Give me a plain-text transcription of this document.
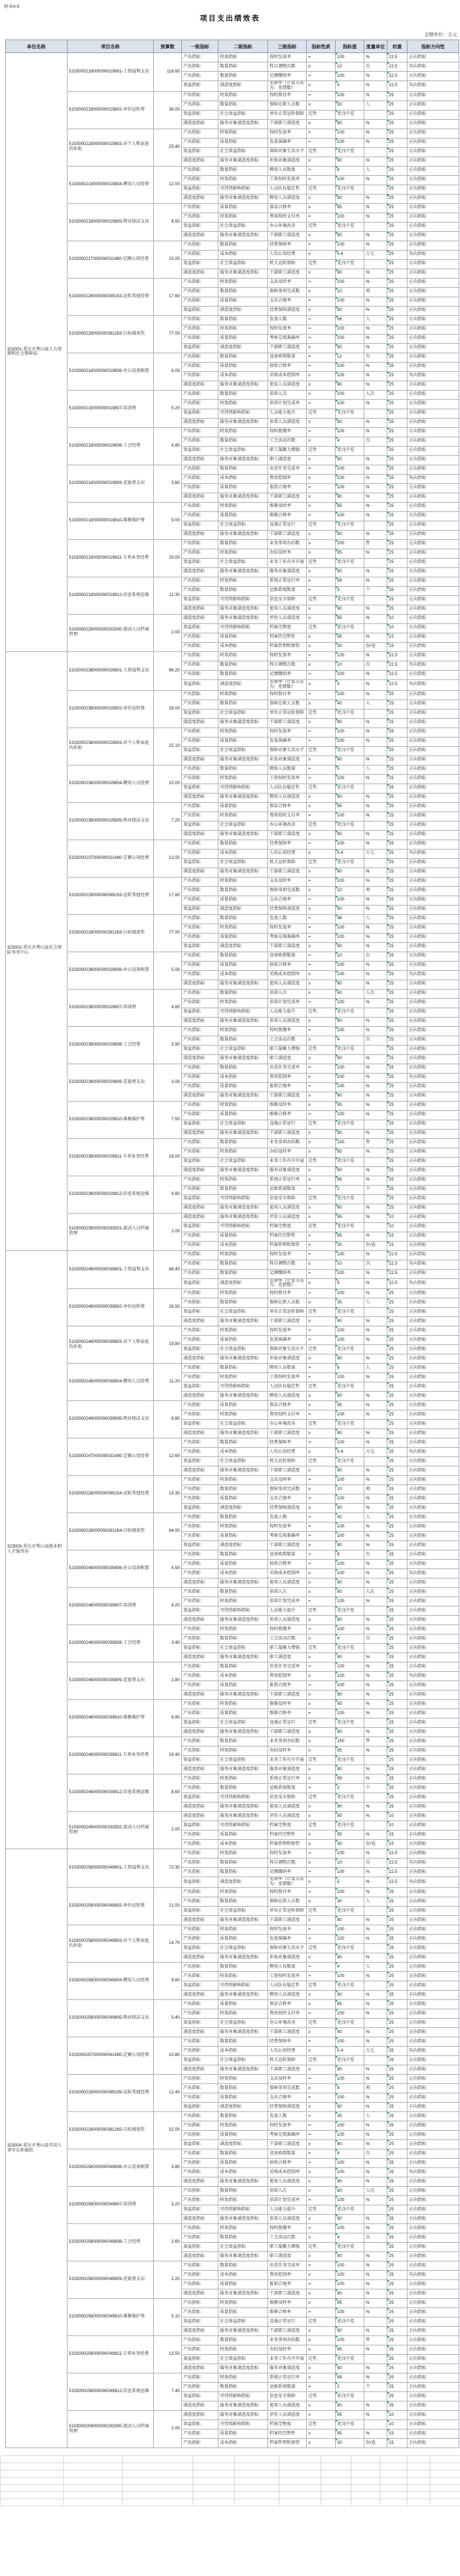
附表4-9
项目支出绩效表
金额单位：万元
单位名称	项目名称	预算数	一级指标	二级指标	三级指标	指标性质	指标值	度量单位	权重	指标方向性
323001-重庆市秀山县人力资源和社会保障局	5103000218000000019801-工资福利支出	118.60	产出指标	时效指标	按时发放率	=	100	%	22.5	正向指标
			产出指标	数量指标	科目调整次数	≤	10	次	22.5	负向指标
			产出指标	数量指标	足额缴纳率	=	100	%	22.5	正向指标
			效益指标	满意度指标	差错率（计算方法为：差错数）	≤	5	%	22.5	负向指标
	5103000218000000019802-单位运转费	36.00	产出指标	时效指标	按时拨付率	=	100	%	25	正向指标
			产出指标	数量指标	保障在职人员数	≥	50	人	25	正向指标
			效益指标	社会效益指标	单位正常运转保障	定性	优良中差		25	正向指标
			满意度指标	服务对象满意度指标	干部职工满意度	≥	90	%	25	正向指标
	5103000218000000019803-对个人和家庭的补助	25.40	产出指标	时效指标	按时发放率	=	100	%	25	正向指标
			产出指标	质量指标	发放准确率	=	100	%	25	正向指标
			效益指标	社会效益指标	保障对象生活水平	定性	优良中差		25	正向指标
			满意度指标	服务对象满意度指标	补助对象满意度	≥	90	%	25	正向指标
	5103000218000000019804-聘用人员经费	12.00	产出指标	数量指标	聘用人员数量	=	6	人	25	正向指标
			产出指标	时效指标	工资按时发放率	=	100	%	25	正向指标
			效益指标	可持续影响指标	人员队伍稳定性	定性	优良中差		25	正向指标
			满意度指标	服务对象满意度指标	聘用人员满意度	≥	90	%	25	正向指标
	5103000218000000019805-物业保洁支出	8.50	产出指标	质量指标	保洁合格率	≥	95	%	25	正向指标
			产出指标	时效指标	费用按时支付率	=	100	%	25	正向指标
			效益指标	社会效益指标	办公环境改善	定性	优良中差		25	正向指标
			满意度指标	服务对象满意度指标	干部职工满意度	≥	90	%	25	正向指标
	5103000217000000011480-定额公用经费	15.00	产出指标	数量指标	经费保障率	=	100	%	25	正向指标
			产出指标	成本指标	人均公用经费	≤	0.4	万元	25	负向指标
			效益指标	社会效益指标	机关运转保障	定性	优良中差		25	正向指标
			满意度指标	服务对象满意度指标	干部职工满意度	≥	90	%	25	正向指标
	5103000228000000089153-运转其他经费	17.60	产出指标	时效指标	支出及时率	=	100	%	25	正向指标
			产出指标	数量指标	保障事项完成数	≥	10	项	25	正向指标
			产出指标	质量指标	支出合规率	=	100	%	25	正向指标
			效益指标	满意度指标	经费保障满意度	≥	90	%	25	正向指标
	5103000228000000381263-目标绩效奖	77.00	产出指标	数量指标	发放人数	=	56	人	25	正向指标
			产出指标	时效指标	按时发放率	=	100	%	25	正向指标
			产出指标	质量指标	考核兑现准确率	=	100	%	25	正向指标
			效益指标	满意度指标	干部职工满意度	≥	90	%	25	正向指标
	5103000218000000019806-办公设备购置	6.00	产出指标	数量指标	设备购置数量	=	12	台	25	正向指标
			产出指标	质量指标	验收合格率	=	100	%	25	正向指标
			产出指标	成本指标	采购成本控制率	≤	100	%	25	负向指标
			满意度指标	服务对象满意度指标	使用人员满意度	≥	90	%	25	正向指标
	5103000218000000019807-培训费	5.20	产出指标	数量指标	培训人次	≥	100	人次	25	正向指标
			产出指标	时效指标	培训计划完成率	=	100	%	25	正向指标
			效益指标	可持续影响指标	人员能力提升	定性	优良中差		25	正向指标
			满意度指标	服务对象满意度指标	参训人员满意度	≥	90	%	25	正向指标
	5103000218000000019808-工会经费	4.80	产出指标	时效指标	按时拨缴率	=	100	%	25	正向指标
			产出指标	数量指标	工会活动次数	≥	4	次	25	正向指标
			效益指标	社会效益指标	职工凝聚力增强	定性	优良中差		25	正向指标
			满意度指标	服务对象满意度指标	职工满意度	≥	90	%	25	正向指标
	5103000218000000019809-差旅费支出	3.60	产出指标	数量指标	出差任务完成率	=	100	%	25	正向指标
			产出指标	成本指标	费用控制率	≤	100	%	25	负向指标
			产出指标	质量指标	报销合规率	=	100	%	25	正向指标
			满意度指标	服务对象满意度指标	干部职工满意度	≥	90	%	25	正向指标
	5103000218000000019810-维修维护费	9.00	产出指标	时效指标	维修及时率	≥	95	%	25	正向指标
			产出指标	质量指标	维修合格率	=	100	%	25	正向指标
			效益指标	社会效益指标	设施正常运行	定性	优良中差		25	正向指标
			满意度指标	服务对象满意度指标	干部职工满意度	≥	90	%	25	正向指标
	5103000218000000019811-专项业务经费	20.00	产出指标	数量指标	业务事项办结数	≥	200	件	25	正向指标
			产出指标	时效指标	办结及时率	≥	95	%	25	正向指标
			效益指标	社会效益指标	业务工作有序开展	定性	优良中差		25	正向指标
			满意度指标	服务对象满意度指标	服务对象满意度	≥	90	%	25	正向指标
	5103000218000000019812-信息系统运维	11.30	产出指标	时效指标	系统正常运行率	≥	99	%	25	正向指标
			产出指标	数量指标	运维系统数量	=	3	个	25	正向指标
			效益指标	可持续影响指标	信息安全保障	定性	优良中差		25	正向指标
			满意度指标	服务对象满意度指标	使用人员满意度	≥	90	%	25	正向指标
	5103000229000000333300-流动人员档案管理	2.00	满意度指标	服务对象满意度指标	评价人员满意度	≥	95	%	10	正向指标
			效益指标	可持续影响指标	档案完整度	定性	优良中差		10	正向指标
			产出指标	质量指标	档案的完整性	≥	95	%	15	正向指标
			产出指标	成本指标	档案管理和保管	≥	30	份/卷	15	正向指标
323002-重庆市秀山县社会保险事务中心	5103000238000000029801-工资福利支出	96.20	产出指标	时效指标	按时发放率	=	100	%	22.5	正向指标
			产出指标	数量指标	科目调整次数	≤	10	次	22.5	负向指标
			产出指标	数量指标	足额缴纳率	=	100	%	22.5	正向指标
			效益指标	满意度指标	差错率（计算方法为：差错数）	≤	5	%	22.5	负向指标
	5103000238000000029802-单位运转费	28.00	产出指标	时效指标	按时拨付率	=	100	%	25	正向指标
			产出指标	数量指标	保障在职人员数	≥	40	人	25	正向指标
			效益指标	社会效益指标	单位正常运转保障	定性	优良中差		25	正向指标
			满意度指标	服务对象满意度指标	干部职工满意度	≥	90	%	25	正向指标
	5103000238000000029803-对个人和家庭的补助	22.10	产出指标	时效指标	按时发放率	=	100	%	25	正向指标
			产出指标	质量指标	发放准确率	=	100	%	25	正向指标
			效益指标	社会效益指标	保障对象生活水平	定性	优良中差		25	正向指标
			满意度指标	服务对象满意度指标	补助对象满意度	≥	90	%	25	正向指标
	5103000238000000029804-聘用人员经费	10.00	产出指标	数量指标	聘用人员数量	=	5	人	25	正向指标
			产出指标	时效指标	工资按时发放率	=	100	%	25	正向指标
			效益指标	可持续影响指标	人员队伍稳定性	定性	优良中差		25	正向指标
			满意度指标	服务对象满意度指标	聘用人员满意度	≥	90	%	25	正向指标
	5103000238000000029805-物业保洁支出	7.20	产出指标	质量指标	保洁合格率	≥	95	%	25	正向指标
			产出指标	时效指标	费用按时支付率	=	100	%	25	正向指标
			效益指标	社会效益指标	办公环境改善	定性	优良中差		25	正向指标
			满意度指标	服务对象满意度指标	干部职工满意度	≥	90	%	25	正向指标
	5103000237000000021480-定额公用经费	13.00	产出指标	数量指标	经费保障率	=	100	%	25	正向指标
			产出指标	成本指标	人均公用经费	≤	0.4	万元	25	负向指标
			效益指标	社会效益指标	机关运转保障	定性	优良中差		25	正向指标
			满意度指标	服务对象满意度指标	干部职工满意度	≥	90	%	25	正向指标
	5103000228000000089153-运转其他经费	17.60	产出指标	时效指标	支出及时率	=	100	%	25	正向指标
			产出指标	数量指标	保障事项完成数	≥	10	项	25	正向指标
			产出指标	质量指标	支出合规率	=	100	%	25	正向指标
			效益指标	满意度指标	经费保障满意度	≥	90	%	25	正向指标
	5103000228000000381263-目标绩效奖	77.00	产出指标	数量指标	发放人数	=	48	人	25	正向指标
			产出指标	时效指标	按时发放率	=	100	%	25	正向指标
			产出指标	质量指标	考核兑现准确率	=	100	%	25	正向指标
			效益指标	满意度指标	干部职工满意度	≥	90	%	25	正向指标
	5103000238000000029806-办公设备购置	5.00	产出指标	数量指标	设备购置数量	=	10	台	25	正向指标
			产出指标	质量指标	验收合格率	=	100	%	25	正向指标
			产出指标	成本指标	采购成本控制率	≤	100	%	25	负向指标
			满意度指标	服务对象满意度指标	使用人员满意度	≥	90	%	25	正向指标
	5103000238000000029807-培训费	4.60	产出指标	数量指标	培训人次	≥	80	人次	25	正向指标
			产出指标	时效指标	培训计划完成率	=	100	%	25	正向指标
			效益指标	可持续影响指标	人员能力提升	定性	优良中差		25	正向指标
			满意度指标	服务对象满意度指标	参训人员满意度	≥	90	%	25	正向指标
	5103000238000000029808-工会经费	3.90	产出指标	时效指标	按时拨缴率	=	100	%	25	正向指标
			产出指标	数量指标	工会活动次数	≥	4	次	25	正向指标
			效益指标	社会效益指标	职工凝聚力增强	定性	优良中差		25	正向指标
			满意度指标	服务对象满意度指标	职工满意度	≥	90	%	25	正向指标
	5103000238000000029809-差旅费支出	3.00	产出指标	数量指标	出差任务完成率	=	100	%	25	正向指标
			产出指标	成本指标	费用控制率	≤	100	%	25	负向指标
			产出指标	质量指标	报销合规率	=	100	%	25	正向指标
			满意度指标	服务对象满意度指标	干部职工满意度	≥	90	%	25	正向指标
	5103000238000000029810-维修维护费	7.50	产出指标	时效指标	维修及时率	≥	95	%	25	正向指标
			产出指标	质量指标	维修合格率	=	100	%	25	正向指标
			效益指标	社会效益指标	设施正常运行	定性	优良中差		25	正向指标
			满意度指标	服务对象满意度指标	干部职工满意度	≥	90	%	25	正向指标
	5103000238000000029811-专项业务经费	18.00	产出指标	数量指标	业务事项办结数	≥	150	件	25	正向指标
			产出指标	时效指标	办结及时率	≥	95	%	25	正向指标
			效益指标	社会效益指标	业务工作有序开展	定性	优良中差		25	正向指标
			满意度指标	服务对象满意度指标	服务对象满意度	≥	90	%	25	正向指标
	5103000238000000029812-信息系统运维	9.80	产出指标	时效指标	系统正常运行率	≥	99	%	25	正向指标
			产出指标	数量指标	运维系统数量	=	2	个	25	正向指标
			效益指标	可持续影响指标	信息安全保障	定性	优良中差		25	正向指标
			满意度指标	服务对象满意度指标	使用人员满意度	≥	90	%	25	正向指标
	5103000239000000333301-流动人员档案管理	2.00	满意度指标	服务对象满意度指标	评价人员满意度	≥	95	%	10	正向指标
			效益指标	可持续影响指标	档案完整度	定性	优良中差		10	正向指标
			产出指标	质量指标	档案的完整性	≥	95	%	15	正向指标
			产出指标	成本指标	档案管理和保管	≥	30	份/卷	15	正向指标
323003-重庆市秀山县就业和人才服务局	5103000248000000039801-工资福利支出	88.40	产出指标	时效指标	按时发放率	=	100	%	22.5	正向指标
			产出指标	数量指标	科目调整次数	≤	10	次	22.5	负向指标
			产出指标	数量指标	足额缴纳率	=	100	%	22.5	正向指标
			效益指标	满意度指标	差错率（计算方法为：差错数）	≤	5	%	22.5	负向指标
	5103000248000000039802-单位运转费	26.50	产出指标	时效指标	按时拨付率	=	100	%	25	正向指标
			产出指标	数量指标	保障在职人员数	≥	35	人	25	正向指标
			效益指标	社会效益指标	单位正常运转保障	定性	优良中差		25	正向指标
			满意度指标	服务对象满意度指标	干部职工满意度	≥	90	%	25	正向指标
	5103000248000000039803-对个人和家庭的补助	19.80	产出指标	时效指标	按时发放率	=	100	%	25	正向指标
			产出指标	质量指标	发放准确率	=	100	%	25	正向指标
			效益指标	社会效益指标	保障对象生活水平	定性	优良中差		25	正向指标
			满意度指标	服务对象满意度指标	补助对象满意度	≥	90	%	25	正向指标
	5103000248000000039804-聘用人员经费	11.20	产出指标	数量指标	聘用人员数量	=	6	人	25	正向指标
			产出指标	时效指标	工资按时发放率	=	100	%	25	正向指标
			效益指标	可持续影响指标	人员队伍稳定性	定性	优良中差		25	正向指标
			满意度指标	服务对象满意度指标	聘用人员满意度	≥	90	%	25	正向指标
	5103000248000000039805-物业保洁支出	6.80	产出指标	质量指标	保洁合格率	≥	95	%	25	正向指标
			产出指标	时效指标	费用按时支付率	=	100	%	25	正向指标
			效益指标	社会效益指标	办公环境改善	定性	优良中差		25	正向指标
			满意度指标	服务对象满意度指标	干部职工满意度	≥	90	%	25	正向指标
	5103000247000000031480-定额公用经费	12.60	产出指标	数量指标	经费保障率	=	100	%	25	正向指标
			产出指标	成本指标	人均公用经费	≤	0.4	万元	25	负向指标
			效益指标	社会效益指标	机关运转保障	定性	优良中差		25	正向指标
			满意度指标	服务对象满意度指标	干部职工满意度	≥	90	%	25	正向指标
	5103000228000000089154-运转其他经费	15.30	产出指标	时效指标	支出及时率	=	100	%	25	正向指标
			产出指标	数量指标	保障事项完成数	≥	10	项	25	正向指标
			产出指标	质量指标	支出合规率	=	100	%	25	正向指标
			效益指标	满意度指标	经费保障满意度	≥	90	%	25	正向指标
	5103000228000000381264-目标绩效奖	64.00	产出指标	数量指标	发放人数	=	42	人	25	正向指标
			产出指标	时效指标	按时发放率	=	100	%	25	正向指标
			产出指标	质量指标	考核兑现准确率	=	100	%	25	正向指标
			效益指标	满意度指标	干部职工满意度	≥	90	%	25	正向指标
	5103000248000000039806-办公设备购置	4.50	产出指标	数量指标	设备购置数量	=	8	台	25	正向指标
			产出指标	质量指标	验收合格率	=	100	%	25	正向指标
			产出指标	成本指标	采购成本控制率	≤	100	%	25	负向指标
			满意度指标	服务对象满意度指标	使用人员满意度	≥	90	%	25	正向指标
	5103000248000000039807-培训费	4.20	产出指标	数量指标	培训人次	≥	80	人次	25	正向指标
			产出指标	时效指标	培训计划完成率	=	100	%	25	正向指标
			效益指标	可持续影响指标	人员能力提升	定性	优良中差		25	正向指标
			满意度指标	服务对象满意度指标	参训人员满意度	≥	90	%	25	正向指标
	5103000248000000039808-工会经费	3.40	产出指标	时效指标	按时拨缴率	=	100	%	25	正向指标
			产出指标	数量指标	工会活动次数	≥	4	次	25	正向指标
			效益指标	社会效益指标	职工凝聚力增强	定性	优良中差		25	正向指标
			满意度指标	服务对象满意度指标	职工满意度	≥	90	%	25	正向指标
	5103000248000000039809-差旅费支出	2.80	产出指标	数量指标	出差任务完成率	=	100	%	25	正向指标
			产出指标	成本指标	费用控制率	≤	100	%	25	负向指标
			产出指标	质量指标	报销合规率	=	100	%	25	正向指标
			满意度指标	服务对象满意度指标	干部职工满意度	≥	90	%	25	正向指标
	5103000248000000039810-维修维护费	6.90	产出指标	时效指标	维修及时率	≥	95	%	25	正向指标
			产出指标	质量指标	维修合格率	=	100	%	25	正向指标
			效益指标	社会效益指标	设施正常运行	定性	优良中差		25	正向指标
			满意度指标	服务对象满意度指标	干部职工满意度	≥	90	%	25	正向指标
	5103000248000000039811-专项业务经费	16.40	产出指标	数量指标	业务事项办结数	≥	150	件	25	正向指标
			产出指标	时效指标	办结及时率	≥	95	%	25	正向指标
			效益指标	社会效益指标	业务工作有序开展	定性	优良中差		25	正向指标
			满意度指标	服务对象满意度指标	服务对象满意度	≥	90	%	25	正向指标
	5103000248000000039812-信息系统运维	8.60	产出指标	时效指标	系统正常运行率	≥	99	%	25	正向指标
			产出指标	数量指标	运维系统数量	=	2	个	25	正向指标
			效益指标	可持续影响指标	信息安全保障	定性	优良中差		25	正向指标
			满意度指标	服务对象满意度指标	使用人员满意度	≥	90	%	25	正向指标
	5103000249000000333302-流动人员档案管理	2.00	满意度指标	服务对象满意度指标	评价人员满意度	≥	95	%	10	正向指标
			效益指标	可持续影响指标	档案完整度	定性	优良中差		10	正向指标
			产出指标	质量指标	档案的完整性	≥	95	%	15	正向指标
			产出指标	成本指标	档案管理和保管	≥	30	份/卷	15	正向指标
323004-重庆市秀山县劳动人事争议仲裁院	5103000258000000049801-工资福利支出	72.30	产出指标	时效指标	按时发放率	=	100	%	22.5	正向指标
			产出指标	数量指标	科目调整次数	≤	10	次	22.5	负向指标
			产出指标	数量指标	足额缴纳率	=	100	%	22.5	正向指标
			效益指标	满意度指标	差错率（计算方法为：差错数）	≤	5	%	22.5	负向指标
	5103000258000000049802-单位运转费	21.00	产出指标	时效指标	按时拨付率	=	100	%	25	正向指标
			产出指标	数量指标	保障在职人员数	≥	30	人	25	正向指标
			效益指标	社会效益指标	单位正常运转保障	定性	优良中差		25	正向指标
			满意度指标	服务对象满意度指标	干部职工满意度	≥	90	%	25	正向指标
	5103000258000000049803-对个人和家庭的补助	14.70	产出指标	时效指标	按时发放率	=	100	%	25	正向指标
			产出指标	质量指标	发放准确率	=	100	%	25	正向指标
			效益指标	社会效益指标	保障对象生活水平	定性	优良中差		25	正向指标
			满意度指标	服务对象满意度指标	补助对象满意度	≥	90	%	25	正向指标
	5103000258000000049804-聘用人员经费	9.60	产出指标	数量指标	聘用人员数量	=	4	人	25	正向指标
			产出指标	时效指标	工资按时发放率	=	100	%	25	正向指标
			效益指标	可持续影响指标	人员队伍稳定性	定性	优良中差		25	正向指标
			满意度指标	服务对象满意度指标	聘用人员满意度	≥	90	%	25	正向指标
	5103000258000000049805-物业保洁支出	5.40	产出指标	质量指标	保洁合格率	≥	95	%	25	正向指标
			产出指标	时效指标	费用按时支付率	=	100	%	25	正向指标
			效益指标	社会效益指标	办公环境改善	定性	优良中差		25	正向指标
			满意度指标	服务对象满意度指标	干部职工满意度	≥	90	%	25	正向指标
	5103000257000000041480-定额公用经费	10.80	产出指标	数量指标	经费保障率	=	100	%	25	正向指标
			产出指标	成本指标	人均公用经费	≤	0.4	万元	25	负向指标
			效益指标	社会效益指标	机关运转保障	定性	优良中差		25	正向指标
			满意度指标	服务对象满意度指标	干部职工满意度	≥	90	%	25	正向指标
	5103000228000000089155-运转其他经费	12.40	产出指标	时效指标	支出及时率	=	100	%	25	正向指标
			产出指标	数量指标	保障事项完成数	≥	8	项	25	正向指标
			产出指标	质量指标	支出合规率	=	100	%	25	正向指标
			效益指标	满意度指标	经费保障满意度	≥	90	%	25	正向指标
	5103000228000000381265-目标绩效奖	52.00	产出指标	数量指标	发放人数	=	35	人	25	正向指标
			产出指标	时效指标	按时发放率	=	100	%	25	正向指标
			产出指标	质量指标	考核兑现准确率	=	100	%	25	正向指标
			效益指标	满意度指标	干部职工满意度	≥	90	%	25	正向指标
	5103000258000000049806-办公设备购置	3.80	产出指标	数量指标	设备购置数量	=	6	台	25	正向指标
			产出指标	质量指标	验收合格率	=	100	%	25	正向指标
			产出指标	成本指标	采购成本控制率	≤	100	%	25	负向指标
			满意度指标	服务对象满意度指标	使用人员满意度	≥	90	%	25	正向指标
	5103000258000000049807-培训费	3.20	产出指标	数量指标	培训人次	≥	60	人次	25	正向指标
			产出指标	时效指标	培训计划完成率	=	100	%	25	正向指标
			效益指标	可持续影响指标	人员能力提升	定性	优良中差		25	正向指标
			满意度指标	服务对象满意度指标	参训人员满意度	≥	90	%	25	正向指标
	5103000258000000049808-工会经费	2.60	产出指标	时效指标	按时拨缴率	=	100	%	25	正向指标
			产出指标	数量指标	工会活动次数	≥	4	次	25	正向指标
			效益指标	社会效益指标	职工凝聚力增强	定性	优良中差		25	正向指标
			满意度指标	服务对象满意度指标	职工满意度	≥	90	%	25	正向指标
	5103000258000000049809-差旅费支出	2.20	产出指标	数量指标	出差任务完成率	=	100	%	25	正向指标
			产出指标	成本指标	费用控制率	≤	100	%	25	负向指标
			产出指标	质量指标	报销合规率	=	100	%	25	正向指标
			满意度指标	服务对象满意度指标	干部职工满意度	≥	90	%	25	正向指标
	5103000258000000049810-维修维护费	5.10	产出指标	时效指标	维修及时率	≥	95	%	25	正向指标
			产出指标	质量指标	维修合格率	=	100	%	25	正向指标
			效益指标	社会效益指标	设施正常运行	定性	优良中差		25	正向指标
			满意度指标	服务对象满意度指标	干部职工满意度	≥	90	%	25	正向指标
	5103000258000000049811-专项业务经费	13.50	产出指标	数量指标	业务事项办结数	≥	100	件	25	正向指标
			产出指标	时效指标	办结及时率	≥	95	%	25	正向指标
			效益指标	社会效益指标	业务工作有序开展	定性	优良中差		25	正向指标
			满意度指标	服务对象满意度指标	服务对象满意度	≥	90	%	25	正向指标
	5103000258000000049812-信息系统运维	7.40	产出指标	时效指标	系统正常运行率	≥	99	%	25	正向指标
			产出指标	数量指标	运维系统数量	=	2	个	25	正向指标
			效益指标	可持续影响指标	信息安全保障	定性	优良中差		25	正向指标
			满意度指标	服务对象满意度指标	使用人员满意度	≥	90	%	25	正向指标
	5103000259000000333300-流动人员档案管理	2.00	满意度指标	服务对象满意度指标	评价人员满意度	≥	95	%	10	正向指标
			效益指标	可持续影响指标	档案完整度	定性	优良中差		10	正向指标
			产出指标	质量指标	档案的完整性	≥	95	%	15	正向指标
			产出指标	成本指标	档案管理和保管	≥	30	份/卷	15	正向指标
